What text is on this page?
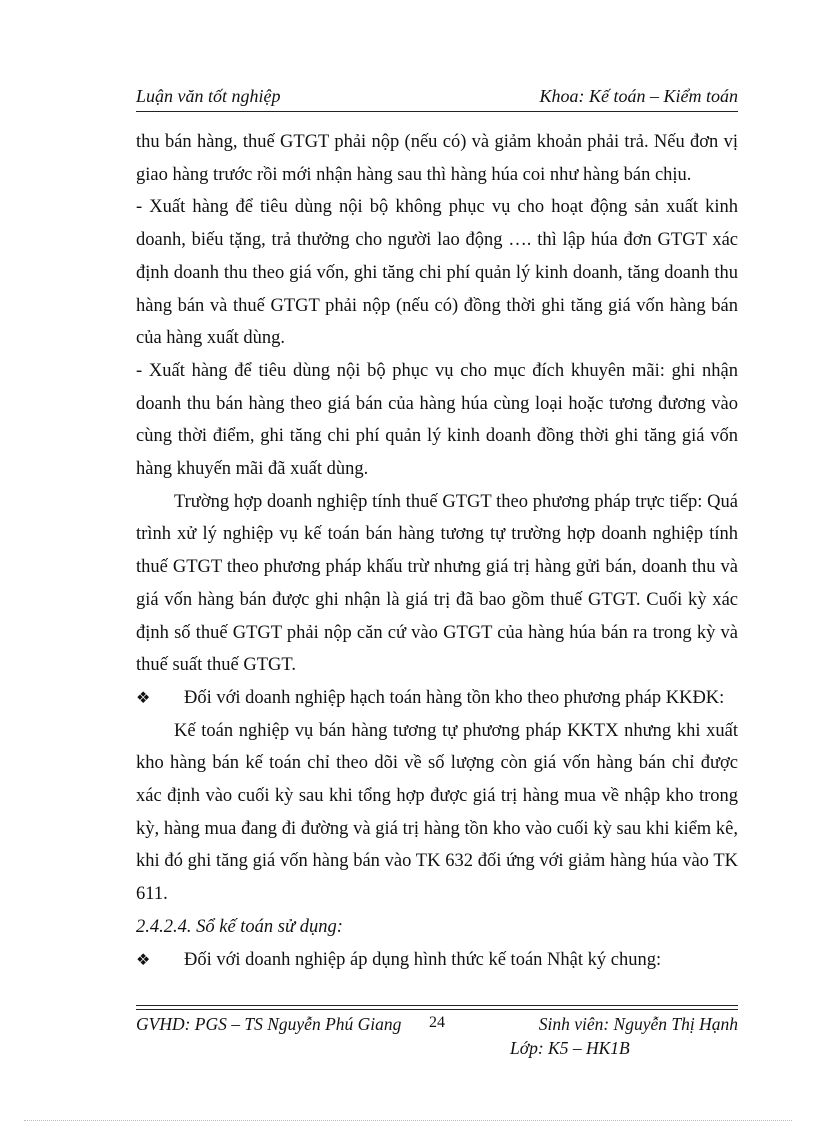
Luận văn tốt nghiệp	Khoa: Kế toán – Kiểm toán

thu bán hàng, thuế GTGT phải nộp (nếu có) và giảm khoản phải trả. Nếu đơn vị giao hàng trước rồi mới nhận hàng sau thì hàng húa coi như hàng bán chịu.

- Xuất hàng để tiêu dùng nội bộ không phục vụ cho hoạt động sản xuất kinh doanh, biếu tặng, trả thưởng cho người lao động …. thì lập húa đơn GTGT xác định doanh thu theo giá vốn, ghi tăng chi phí quản lý kinh doanh, tăng doanh thu hàng bán và thuế GTGT phải nộp (nếu có) đồng thời ghi tăng giá vốn hàng bán của hàng xuất dùng.

- Xuất hàng để tiêu dùng nội bộ phục vụ cho mục đích khuyên mãi: ghi nhận doanh thu bán hàng theo giá bán của hàng húa cùng loại hoặc tương đương vào cùng thời điểm, ghi tăng chi phí quản lý kinh doanh đồng thời ghi tăng giá vốn hàng khuyến mãi đã xuất dùng.

Trường hợp doanh nghiệp tính thuế GTGT theo phương pháp trực tiếp: Quá trình xử lý nghiệp vụ kế toán bán hàng tương tự trường hợp doanh nghiệp tính thuế GTGT theo phương pháp khấu trừ nhưng giá trị hàng gửi bán, doanh thu và giá vốn hàng bán được ghi nhận là giá trị đã bao gồm thuế GTGT. Cuối kỳ xác định số thuế GTGT phải nộp căn cứ vào GTGT của hàng húa bán ra trong kỳ và thuế suất thuế GTGT.

❖ Đối với doanh nghiệp hạch toán hàng tồn kho theo phương pháp KKĐK:

Kế toán nghiệp vụ bán hàng tương tự phương pháp KKTX nhưng khi xuất kho hàng bán kế toán chỉ theo dõi về số lượng còn giá vốn hàng bán chỉ được xác định vào cuối kỳ sau khi tổng hợp được giá trị hàng mua về nhập kho trong kỳ, hàng mua đang đi đường và giá trị hàng tồn kho vào cuối kỳ sau khi kiểm kê, khi đó ghi tăng giá vốn hàng bán vào TK 632 đối ứng với giảm hàng húa vào TK 611.

2.4.2.4. Sổ kế toán sử dụng:

❖ Đối với doanh nghiệp áp dụng hình thức kế toán Nhật ký chung:

GVHD: PGS – TS Nguyễn Phú Giang 24	Sinh viên: Nguyễn Thị Hạnh
Lớp: K5 – HK1B
